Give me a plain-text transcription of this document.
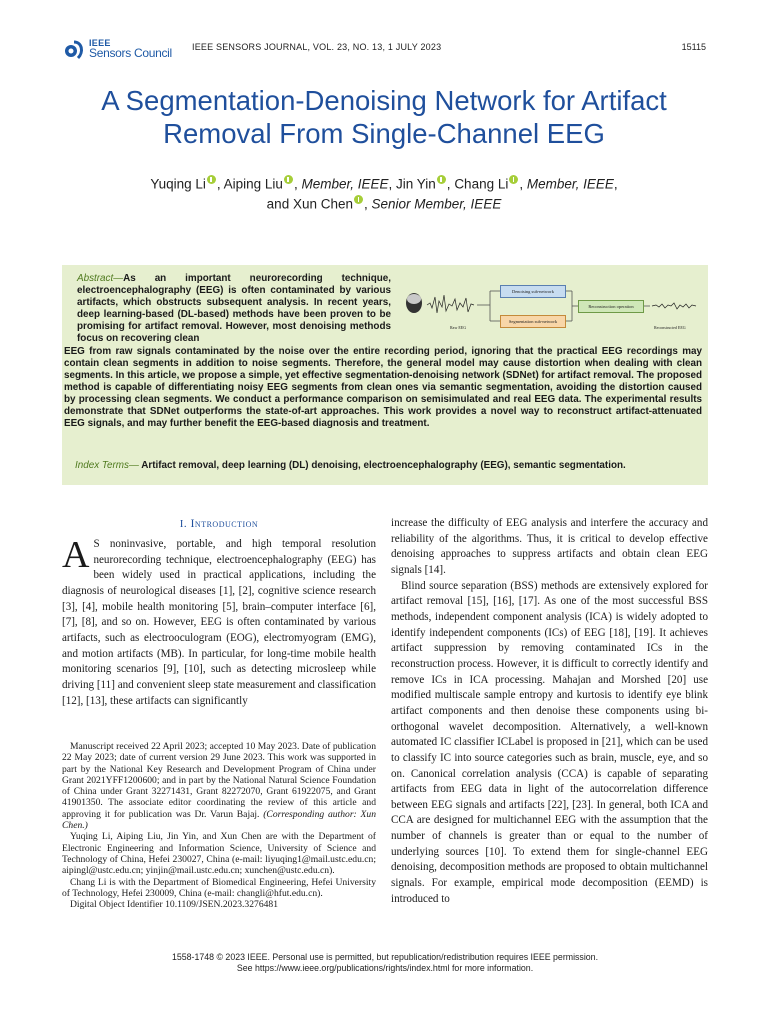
IEEE
Sensors Council IEEE SENSORS JOURNAL, VOL. 23, NO. 13, 1 JULY 2023	15115
A Segmentation-Denoising Network for Artifact
Removal From Single-Channel EEG
Yuqing Li , Aiping Liu , Member, IEEE, Jin Yin , Chang Li , Member, IEEE,
and Xun Chen , Senior Member, IEEE
Denoising sub-network
Segmentation sub-network
Reconstruction operation
Raw EEG	Reconstructed EEG
Abstract—As an important neurorecording technique, electroencephalography (EEG) is often contaminated by various artifacts, which obstructs subsequent analysis. In recent years, deep learning-based (DL-based) methods have been proven to be promising for artifact removal. However, most denoising methods focus on recovering clean
EEG from raw signals contaminated by the noise over the entire recording period, ignoring that the practical EEG recordings may contain clean segments in addition to noise segments. Therefore, the general model may cause distortion when dealing with clean segments. In this article, we propose a simple, yet effective segmentation-denoising network (SDNet) for artifact removal. The proposed method is capable of differentiating noisy EEG segments from clean ones via semantic segmentation, avoiding the distortion caused by processing clean segments. We conduct a performance comparison on semisimulated and real EEG data. The experimental results demonstrate that SDNet outperforms the state-of-art approaches. This work provides a novel way to reconstruct artifact-attenuated EEG signals, and may further benefit the EEG-based diagnosis and treatment.
Index Terms— Artifact removal, deep learning (DL) denoising, electroencephalography (EEG), semantic segmentation.
I. Introduction
A S noninvasive, portable, and high temporal resolution neurorecording technique, electroencephalography (EEG) has been widely used in practical applications, including the diagnosis of neurological diseases [1], [2], cognitive science research [3], [4], mobile health monitoring [5], brain–computer interface [6], [7], [8], and so on. However, EEG is often contaminated by various artifacts, such as electrooculogram (EOG), electromyogram (EMG), and motion artifacts (MB). In particular, for long-time mobile health monitoring scenarios [9], [10], such as detecting microsleep while driving [11] and convenient sleep state measurement and classification [12], [13], these artifacts can significantly

Manuscript received 22 April 2023; accepted 10 May 2023. Date of publication 22 May 2023; date of current version 29 June 2023. This work was supported in part by the National Key Research and Development Program of China under Grant 2021YFF1200600; and in part by the National Natural Science Foundation of China under Grant 32271431, Grant 82272070, Grant 61922075, and Grant 41901350. The associate editor coordinating the review of this article and approving it for publication was Dr. Varun Bajaj. (Corresponding author: Xun Chen.)

Yuqing Li, Aiping Liu, Jin Yin, and Xun Chen are with the Department of Electronic Engineering and Information Science, University of Science and Technology of China, Hefei 230027, China (e-mail: liyuqing1@mail.ustc.edu.cn; aipingl@ustc.edu.cn; yinjin@mail.ustc.edu.cn; xunchen@ustc.edu.cn).

Chang Li is with the Department of Biomedical Engineering, Hefei University of Technology, Hefei 230009, China (e-mail: changli@hfut.edu.cn).

Digital Object Identifier 10.1109/JSEN.2023.3276481

increase the difficulty of EEG analysis and interfere the accuracy and reliability of the algorithms. Thus, it is critical to develop effective denoising approaches to suppress artifacts and obtain clean EEG signals [14].

Blind source separation (BSS) methods are extensively explored for artifact removal [15], [16], [17]. As one of the most successful BSS methods, independent component analysis (ICA) is widely adopted to identify independent components (ICs) of EEG [18], [19]. It achieves artifact suppression by removing contaminated ICs in the reconstruction process. However, it is difficult to correctly identify and remove ICs in ICA processing. Mahajan and Morshed [20] use modified multiscale sample entropy and kurtosis to identify eye blink artifact components and then denoise these components using bi-orthogonal wavelet decomposition. Alternatively, a well-known automated IC classifier ICLabel is proposed in [21], which can be used to classify IC into source categories such as brain, muscle, eye, and so on. Canonical correlation analysis (CCA) is capable of separating artifacts from EEG data in light of the autocorrelation difference between EEG signals and artifacts [22], [23]. In general, both ICA and CCA are designed for multichannel EEG with the assumption that the number of channels is greater than or equal to the number of underlying sources [10]. To extend them for single-channel EEG denoising, decomposition methods are proposed to obtain multichannel signals. For example, empirical mode decomposition (EEMD) is introduced to

1558-1748 © 2023 IEEE. Personal use is permitted, but republication/redistribution requires IEEE permission.
See https://www.ieee.org/publications/rights/index.html for more information.
